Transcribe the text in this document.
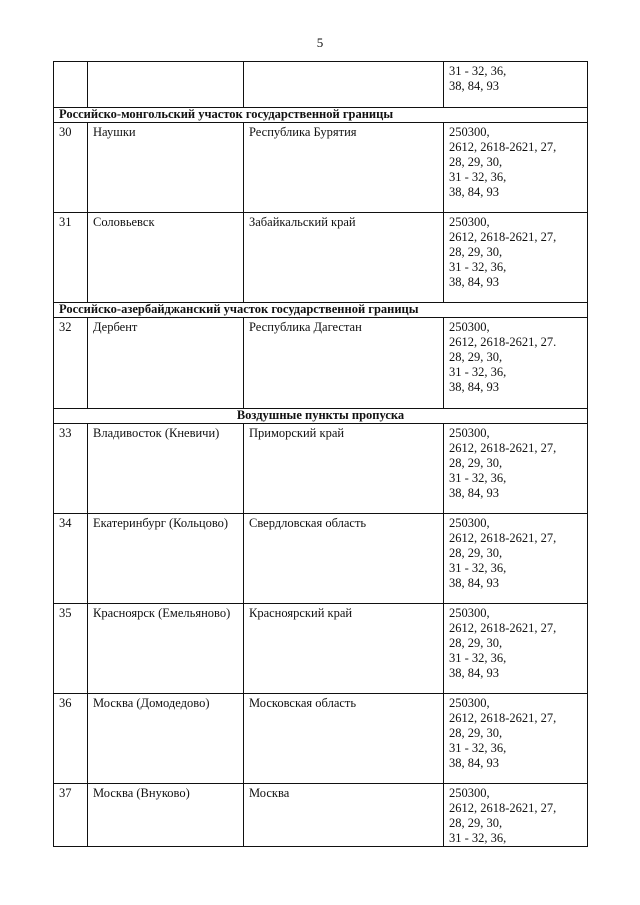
5

			31 - 32, 36,
38, 84, 93

Российско-монгольский участок государственной границы			
30	Наушки	Республика Бурятия	250300,
2612, 2618-2621, 27,
28, 29, 30,
31 - 32, 36,
38, 84, 93

31	Соловьевск	Забайкальский край	250300,
2612, 2618-2621, 27,
28, 29, 30,
31 - 32, 36,
38, 84, 93

Российско-азербайджанский участок государственной границы			
32	Дербент	Республика Дагестан	250300,
2612, 2618-2621, 27.
28, 29, 30,
31 - 32, 36,
38, 84, 93

Воздушные пункты пропуска			
33	Владивосток (Кневичи)	Приморский край	250300,
2612, 2618-2621, 27,
28, 29, 30,
31 - 32, 36,
38, 84, 93

34	Екатеринбург (Кольцово)	Свердловская область	250300,
2612, 2618-2621, 27,
28, 29, 30,
31 - 32, 36,
38, 84, 93

35	Красноярск (Емельяново)	Красноярский край	250300,
2612, 2618-2621, 27,
28, 29, 30,
31 - 32, 36,
38, 84, 93

36	Москва (Домодедово)	Московская область	250300,
2612, 2618-2621, 27,
28, 29, 30,
31 - 32, 36,
38, 84, 93

37	Москва (Внуково)	Москва	250300,
2612, 2618-2621, 27,
28, 29, 30,
31 - 32, 36,
